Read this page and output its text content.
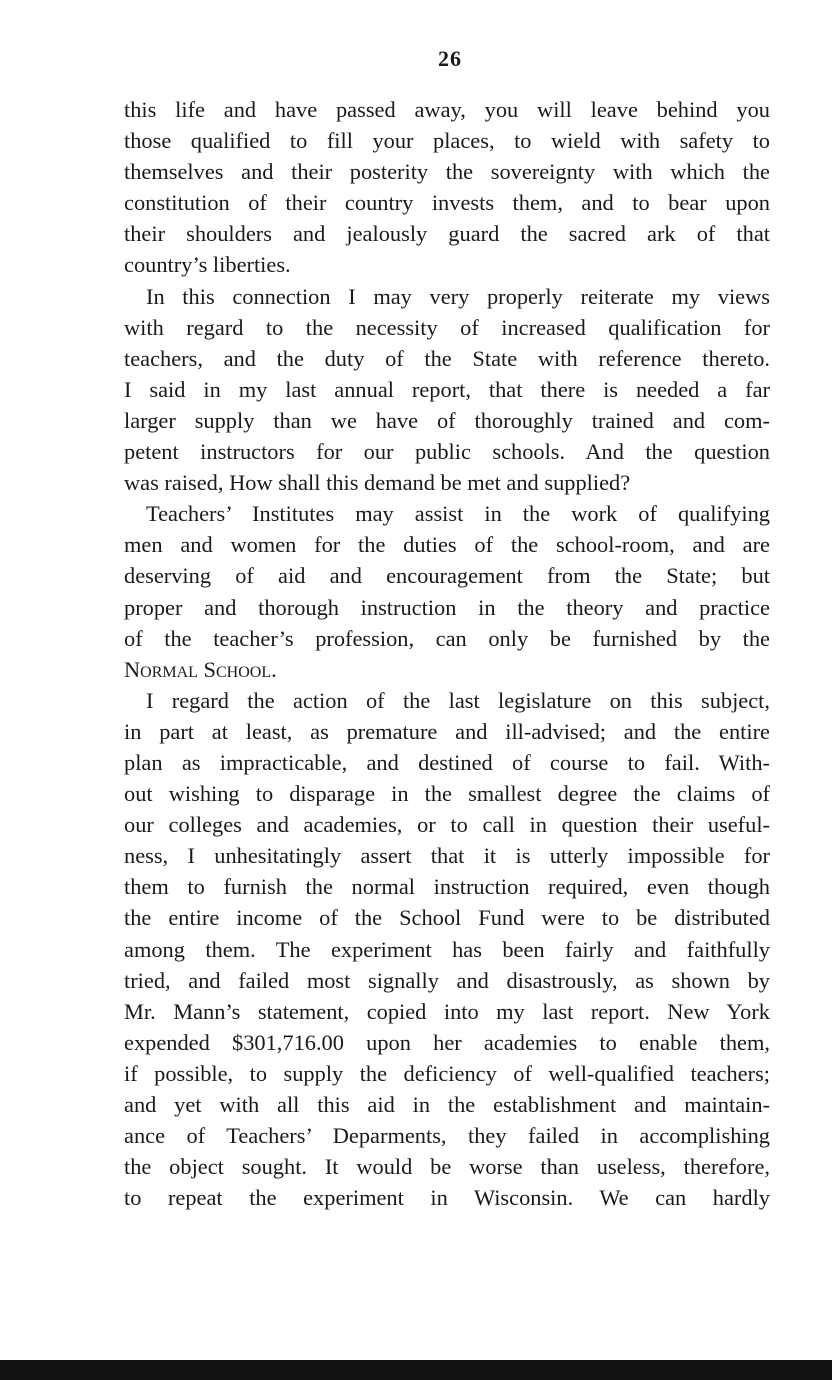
26
this life and have passed away, you will leave behind you
those qualified to fill your places, to wield with safety to
themselves and their posterity the sovereignty with which the
constitution of their country invests them, and to bear upon
their shoulders and jealously guard the sacred ark of that
country’s liberties.
In this connection I may very properly reiterate my views
with regard to the necessity of increased qualification for
teachers, and the duty of the State with reference thereto.
I said in my last annual report, that there is needed a far
larger supply than we have of thoroughly trained and com-
petent instructors for our public schools. And the question
was raised, How shall this demand be met and supplied?
Teachers’ Institutes may assist in the work of qualifying
men and women for the duties of the school-room, and are
deserving of aid and encouragement from the State; but
proper and thorough instruction in the theory and practice
of the teacher’s profession, can only be furnished by the
Normal School.
I regard the action of the last legislature on this subject,
in part at least, as premature and ill-advised; and the entire
plan as impracticable, and destined of course to fail. With-
out wishing to disparage in the smallest degree the claims of
our colleges and academies, or to call in question their useful-
ness, I unhesitatingly assert that it is utterly impossible for
them to furnish the normal instruction required, even though
the entire income of the School Fund were to be distributed
among them. The experiment has been fairly and faithfully
tried, and failed most signally and disastrously, as shown by
Mr. Mann’s statement, copied into my last report. New York
expended $301,716.00 upon her academies to enable them,
if possible, to supply the deficiency of well-qualified teachers;
and yet with all this aid in the establishment and maintain-
ance of Teachers’ Deparments, they failed in accomplishing
the object sought. It would be worse than useless, therefore,
to repeat the experiment in Wisconsin. We can hardly
